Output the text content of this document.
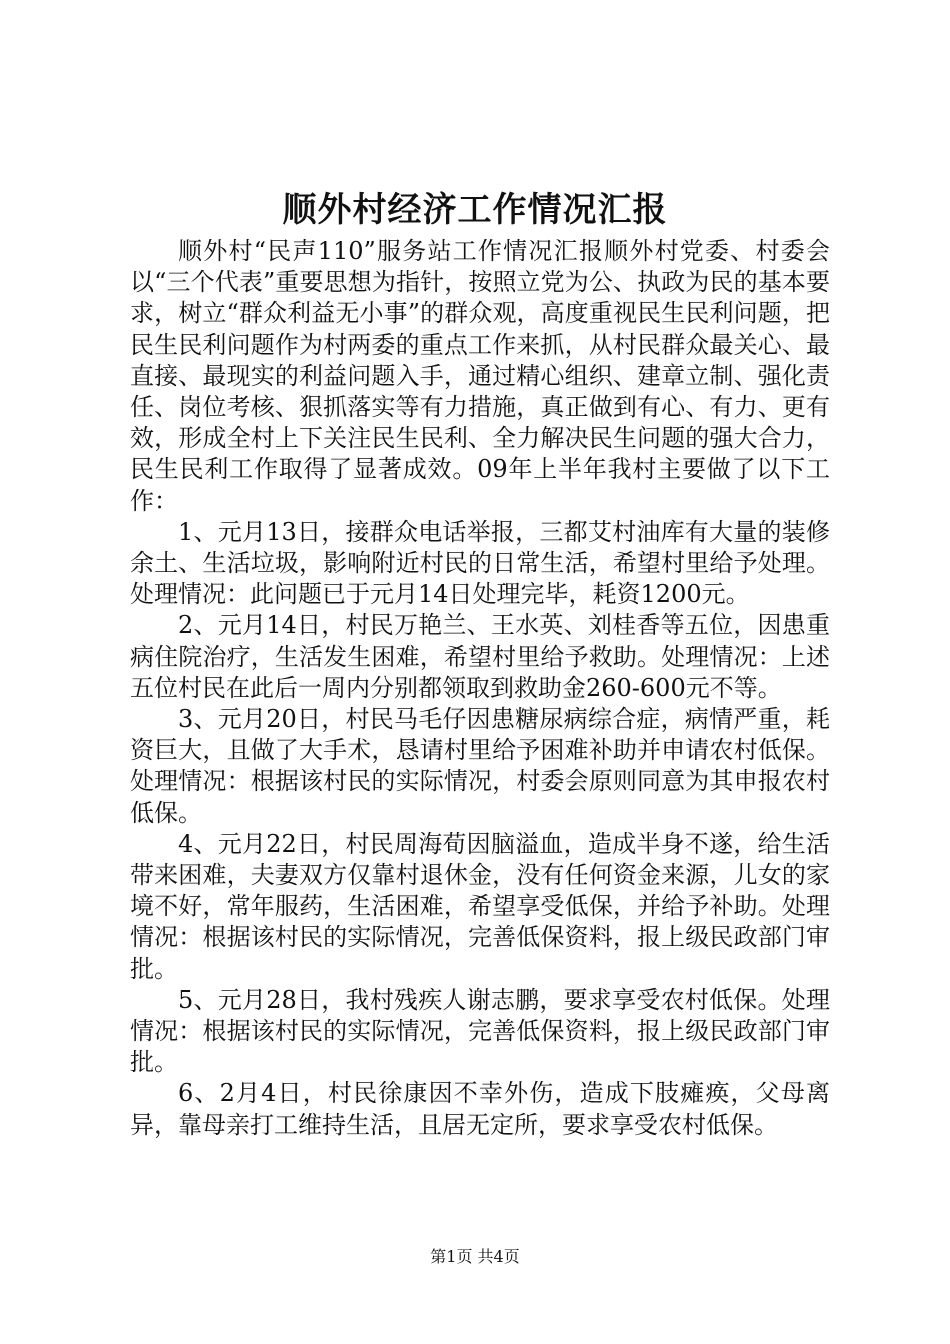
顺外村经济工作情况汇报

顺外村“民声110”服务站工作情况汇报顺外村党委、村委会以“三个代表”重要思想为指针，按照立党为公、执政为民的基本要求，树立“群众利益无小事”的群众观，高度重视民生民利问题，把民生民利问题作为村两委的重点工作来抓，从村民群众最关心、最直接、最现实的利益问题入手，通过精心组织、建章立制、强化责任、岗位考核、狠抓落实等有力措施，真正做到有心、有力、更有效，形成全村上下关注民生民利、全力解决民生问题的强大合力，民生民利工作取得了显著成效。09年上半年我村主要做了以下工作：

1、元月13日，接群众电话举报，三都艾村油库有大量的装修余土、生活垃圾，影响附近村民的日常生活，希望村里给予处理。处理情况：此问题已于元月14日处理完毕，耗资1200元。

2、元月14日，村民万艳兰、王水英、刘桂香等五位，因患重病住院治疗，生活发生困难，希望村里给予救助。处理情况：上述五位村民在此后一周内分别都领取到救助金260-600元不等。

3、元月20日，村民马毛仔因患糖尿病综合症，病情严重，耗资巨大，且做了大手术，恳请村里给予困难补助并申请农村低保。处理情况：根据该村民的实际情况，村委会原则同意为其申报农村低保。

4、元月22日，村民周海荀因脑溢血，造成半身不遂，给生活带来困难，夫妻双方仅靠村退休金，没有任何资金来源，儿女的家境不好，常年服药，生活困难，希望享受低保，并给予补助。处理情况：根据该村民的实际情况，完善低保资料，报上级民政部门审批。

5、元月28日，我村残疾人谢志鹏，要求享受农村低保。处理情况：根据该村民的实际情况，完善低保资料，报上级民政部门审批。

6、2月4日，村民徐康因不幸外伤，造成下肢瘫痪，父母离异，靠母亲打工维持生活，且居无定所，要求享受农村低保。

第1页 共4页
